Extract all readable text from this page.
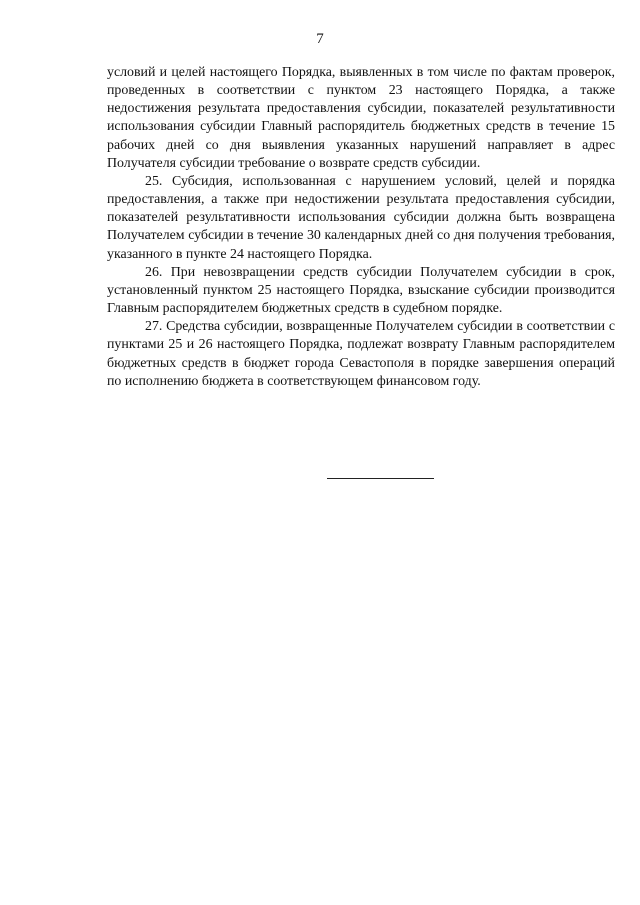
7

условий и целей настоящего Порядка, выявленных в том числе по фактам проверок, проведенных в соответствии с пунктом 23 настоящего Порядка, а также недостижения результата предоставления субсидии, показателей результативности использования субсидии Главный распорядитель бюджетных средств в течение 15 рабочих дней со дня выявления указанных нарушений направляет в адрес Получателя субсидии требование о возврате средств субсидии.

25. Субсидия, использованная с нарушением условий, целей и порядка предоставления, а также при недостижении результата предоставления субсидии, показателей результативности использования субсидии должна быть возвращена Получателем субсидии в течение 30 календарных дней со дня получения требования, указанного в пункте 24 настоящего Порядка.

26. При невозвращении средств субсидии Получателем субсидии в срок, установленный пунктом 25 настоящего Порядка, взыскание субсидии производится Главным распорядителем бюджетных средств в судебном порядке.

27. Средства субсидии, возвращенные Получателем субсидии в соответствии с пунктами 25 и 26 настоящего Порядка, подлежат возврату Главным распорядителем бюджетных средств в бюджет города Севастополя в порядке завершения операций по исполнению бюджета в соответствующем финансовом году.
